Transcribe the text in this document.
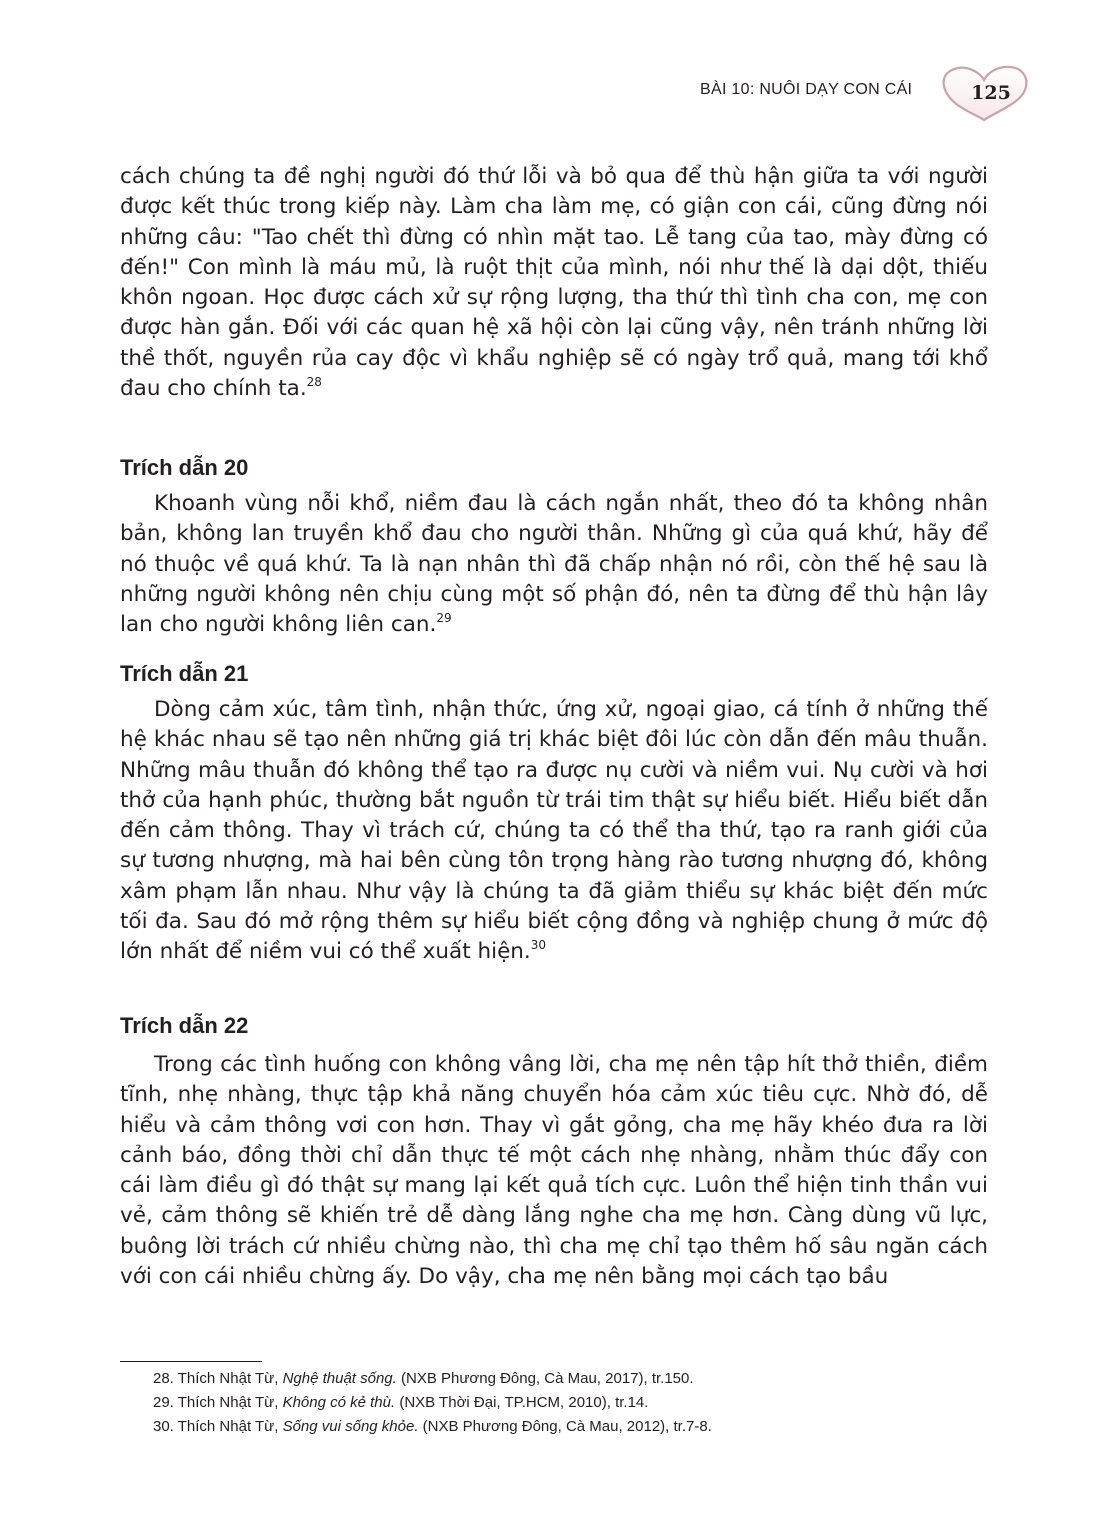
BÀI 10: NUÔI DẠY CON CÁI	125

cách chúng ta đề nghị người đó thứ lỗi và bỏ qua để thù hận giữa ta với người được kết thúc trong kiếp này. Làm cha làm mẹ, có giận con cái, cũng đừng nói những câu: "Tao chết thì đừng có nhìn mặt tao. Lễ tang của tao, mày đừng có đến!" Con mình là máu mủ, là ruột thịt của mình, nói như thế là dại dột, thiếu khôn ngoan. Học được cách xử sự rộng lượng, tha thứ thì tình cha con, mẹ con được hàn gắn. Đối với các quan hệ xã hội còn lại cũng vậy, nên tránh những lời thề thốt, nguyền rủa cay độc vì khẩu nghiệp sẽ có ngày trổ quả, mang tới khổ đau cho chính ta.$^{28}$

Trích dẫn 20

Khoanh vùng nỗi khổ, niềm đau là cách ngắn nhất, theo đó ta không nhân bản, không lan truyền khổ đau cho người thân. Những gì của quá khứ, hãy để nó thuộc về quá khứ. Ta là nạn nhân thì đã chấp nhận nó rồi, còn thế hệ sau là những người không nên chịu cùng một số phận đó, nên ta đừng để thù hận lây lan cho người không liên can.$^{29}$

Trích dẫn 21

Dòng cảm xúc, tâm tình, nhận thức, ứng xử, ngoại giao, cá tính ở những thế hệ khác nhau sẽ tạo nên những giá trị khác biệt đôi lúc còn dẫn đến mâu thuẫn. Những mâu thuẫn đó không thể tạo ra được nụ cười và niềm vui. Nụ cười và hơi thở của hạnh phúc, thường bắt nguồn từ trái tim thật sự hiểu biết. Hiểu biết dẫn đến cảm thông. Thay vì trách cứ, chúng ta có thể tha thứ, tạo ra ranh giới của sự tương nhượng, mà hai bên cùng tôn trọng hàng rào tương nhượng đó, không xâm phạm lẫn nhau. Như vậy là chúng ta đã giảm thiểu sự khác biệt đến mức tối đa. Sau đó mở rộng thêm sự hiểu biết cộng đồng và nghiệp chung ở mức độ lớn nhất để niềm vui có thể xuất hiện.$^{30}$

Trích dẫn 22

Trong các tình huống con không vâng lời, cha mẹ nên tập hít thở thiền, điềm tĩnh, nhẹ nhàng, thực tập khả năng chuyển hóa cảm xúc tiêu cực. Nhờ đó, dễ hiểu và cảm thông vơi con hơn. Thay vì gắt gỏng, cha mẹ hãy khéo đưa ra lời cảnh báo, đồng thời chỉ dẫn thực tế một cách nhẹ nhàng, nhằm thúc đẩy con cái làm điều gì đó thật sự mang lại kết quả tích cực. Luôn thể hiện tinh thần vui vẻ, cảm thông sẽ khiến trẻ dễ dàng lắng nghe cha mẹ hơn. Càng dùng vũ lực, buông lời trách cứ nhiều chừng nào, thì cha mẹ chỉ tạo thêm hố sâu ngăn cách với con cái nhiều chừng ấy. Do vậy, cha mẹ nên bằng mọi cách tạo bầu

28. Thích Nhật Từ, Nghệ thuật sống. (NXB Phương Đông, Cà Mau, 2017), tr.150.

29. Thích Nhật Từ, Không có kẻ thù. (NXB Thời Đại, TP.HCM, 2010), tr.14.

30. Thích Nhật Từ, Sống vui sống khỏe. (NXB Phương Đông, Cà Mau, 2012), tr.7-8.
